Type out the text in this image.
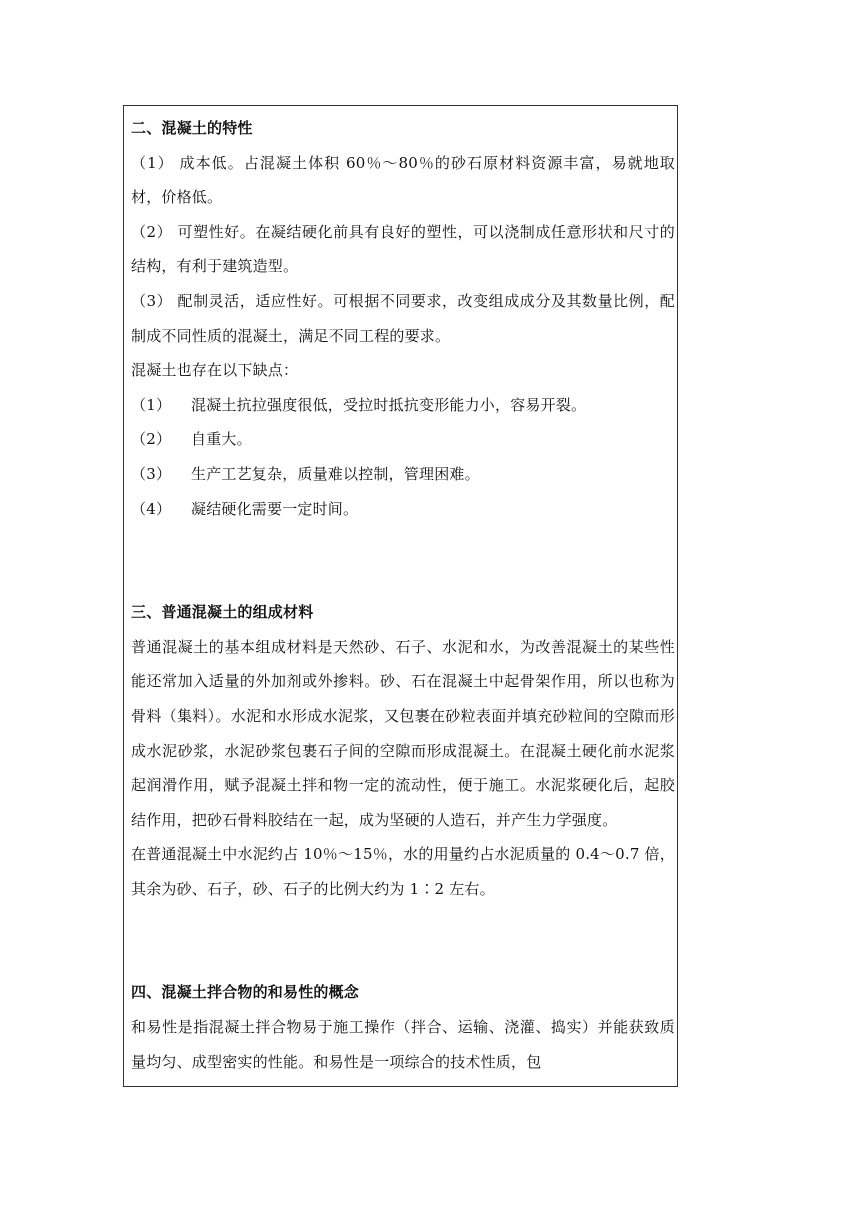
二、混凝土的特性
（1） 成本低。占混凝土体积 60％～80％的砂石原材料资源丰富，易就地取材，价格低。
（2） 可塑性好。在凝结硬化前具有良好的塑性，可以浇制成任意形状和尺寸的结构，有利于建筑造型。
（3） 配制灵活，适应性好。可根据不同要求，改变组成成分及其数量比例，配制成不同性质的混凝土，满足不同工程的要求。
混凝土也存在以下缺点：
（1）	混凝土抗拉强度很低，受拉时抵抗变形能力小，容易开裂。
（2）	自重大。
（3）	生产工艺复杂，质量难以控制，管理困难。
（4）	凝结硬化需要一定时间。
三、普通混凝土的组成材料
普通混凝土的基本组成材料是天然砂、石子、水泥和水，为改善混凝土的某些性能还常加入适量的外加剂或外掺料。砂、石在混凝土中起骨架作用，所以也称为骨料（集料）。水泥和水形成水泥浆，又包裹在砂粒表面并填充砂粒间的空隙而形成水泥砂浆，水泥砂浆包裹石子间的空隙而形成混凝土。在混凝土硬化前水泥浆起润滑作用，赋予混凝土拌和物一定的流动性，便于施工。水泥浆硬化后，起胶结作用，把砂石骨料胶结在一起，成为坚硬的人造石，并产生力学强度。
在普通混凝土中水泥约占 10％～15％，水的用量约占水泥质量的 0.4～0.7 倍，其余为砂、石子，砂、石子的比例大约为 1∶2 左右。
四、混凝土拌合物的和易性的概念
和易性是指混凝土拌合物易于施工操作（拌合、运输、浇灌、捣实）并能获致质量均匀、成型密实的性能。和易性是一项综合的技术性质，包
